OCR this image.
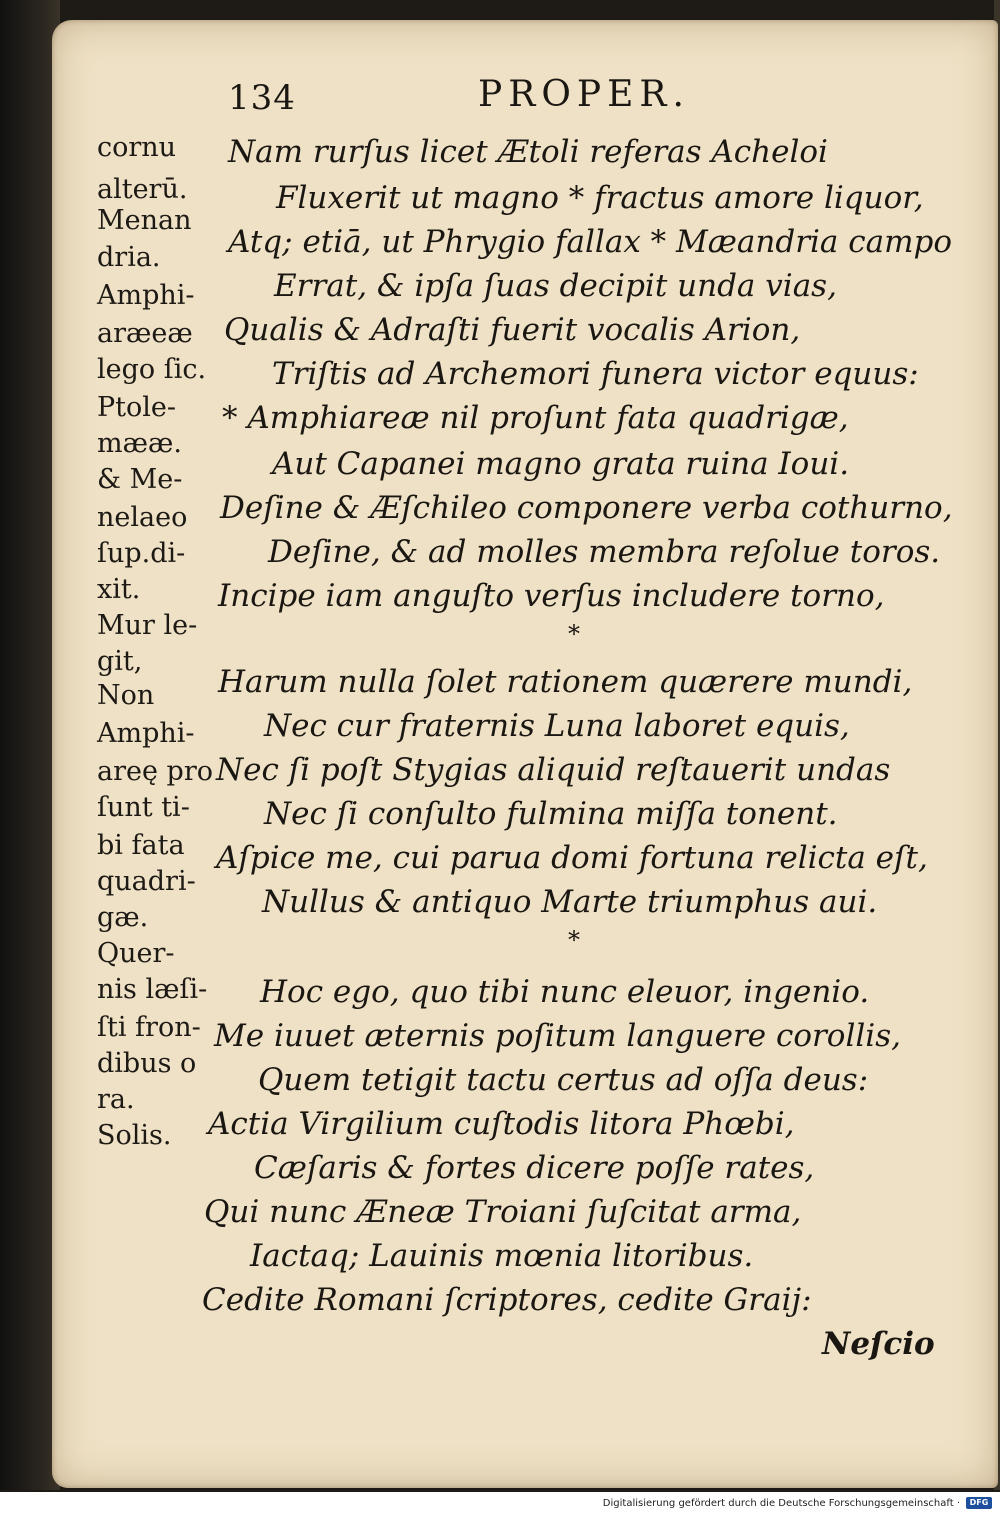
134	PROPER.
cornu
alterū.
Menan
dria.
Amphi-
aræeæ
lego ſic.
Ptole-
mææ.
& Me-
nelaeo
ſup.di-
xit.
Mur le-
git,
Non
Amphi-
areę pro
ſunt ti-
bi fata
quadri-
gæ.
Quer-
nis læſi-
ſti fron-
dibus o
ra.
Solis.
Nam rurſus licet Ætoli referas Acheloi
Fluxerit ut magno * fractus amore liquor,
Atq; etiā, ut Phrygio fallax * Mæandria campo
Errat, & ipſa ſuas decipit unda vias,
Qualis & Adraſti fuerit vocalis Arion,
Triſtis ad Archemori funera victor equus:
* Amphiareæ nil proſunt fata quadrigæ,
Aut Capanei magno grata ruina Ioui.
Deſine & Æſchileo componere verba cothurno,
Deſine, & ad molles membra reſolue toros.
Incipe iam anguſto verſus includere torno,
*
Harum nulla ſolet rationem quærere mundi,
Nec cur fraternis Luna laboret equis,
Nec ſi poſt Stygias aliquid reſtauerit undas
Nec ſi conſulto fulmina miſſa tonent.
Aſpice me, cui parua domi fortuna relicta eſt,
Nullus & antiquo Marte triumphus aui.
*
Hoc ego, quo tibi nunc eleuor, ingenio.
Me iuuet æternis poſitum languere corollis,
Quem tetigit tactu certus ad oſſa deus:
Actia Virgilium cuſtodis litora Phœbi,
Cæſaris & fortes dicere poſſe rates,
Qui nunc Æneæ Troiani ſuſcitat arma,
Iactaq; Lauinis mœnia litoribus.
Cedite Romani ſcriptores, cedite Graij:
Neſcio
Digitalisierung gefördert durch die Deutsche Forschungsgemeinschaft ·	DFG
